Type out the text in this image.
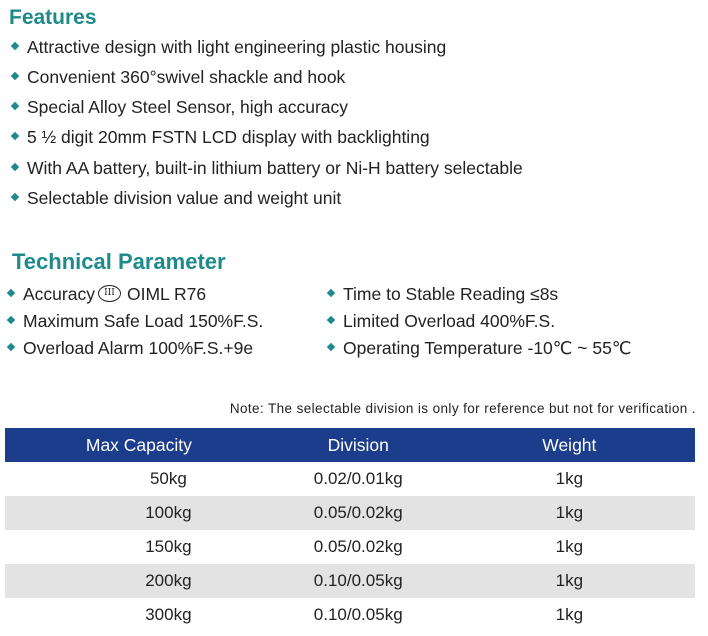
Features
Attractive design with light engineering plastic housing
Convenient 360°swivel shackle and hook
Special Alloy Steel Sensor, high accuracy
5 ½ digit 20mm FSTN LCD display with backlighting
With AA battery, built-in lithium battery or Ni-H battery selectable
Selectable division value and weight unit
Technical Parameter
Accuracy III OIML R76
Maximum Safe Load 150%F.S.
Overload Alarm 100%F.S.+9e
Time to Stable Reading ≤8s
Limited Overload 400%F.S.
Operating Temperature -10℃ ~ 55℃
Note: The selectable division is only for reference but not for verification .
Max Capacity	Division	Weight
50kg	0.02/0.01kg	1kg
100kg	0.05/0.02kg	1kg
150kg	0.05/0.02kg	1kg
200kg	0.10/0.05kg	1kg
300kg	0.10/0.05kg	1kg
